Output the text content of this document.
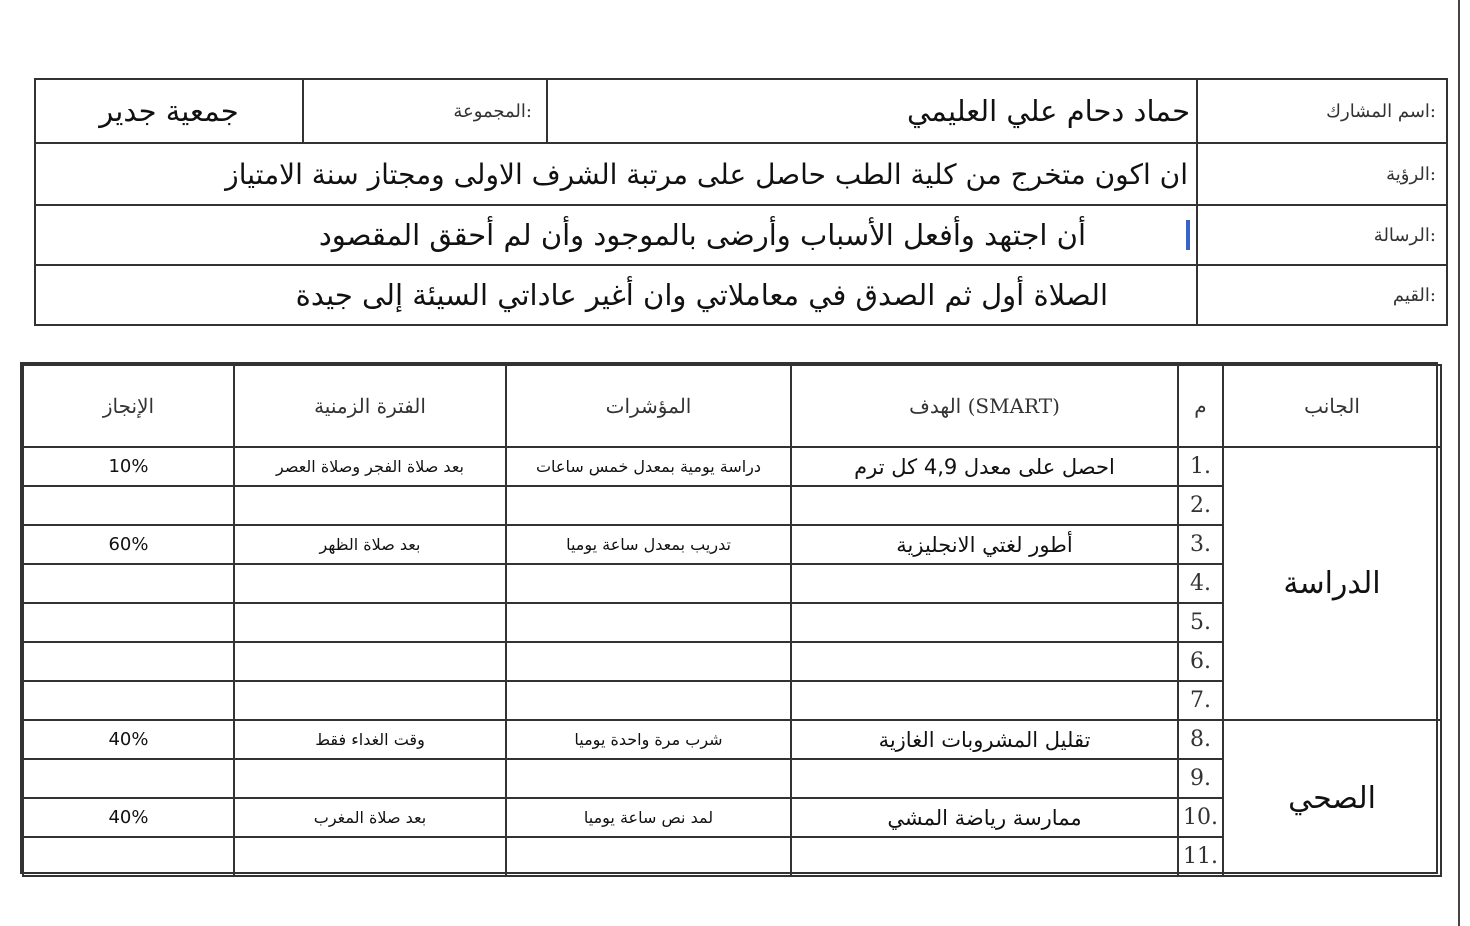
اسم المشارك:
حماد دحام علي العليمي
المجموعة:
جمعية جدير
الرؤية:
ان اكون متخرج من كلية الطب حاصل على مرتبة الشرف الاولى ومجتاز سنة الامتياز
الرسالة:
أن اجتهد وأفعل الأسباب وأرضى بالموجود وأن لم أحقق المقصود
القيم:
الصلاة أول ثم الصدق في معاملاتي وان أغير عاداتي السيئة إلى جيدة
الإنجاز	الفترة الزمنية	المؤشرات	الهدف (SMART)	م	الجانب
10%	بعد صلاة الفجر وصلاة العصر	دراسة يومية بمعدل خمس ساعات	احصل على معدل 4,9 كل ترم	1.	الدراسة
				2.	
60%	بعد صلاة الظهر	تدريب بمعدل ساعة يوميا	أطور لغتي الانجليزية	3.	
				4.	
				5.	
				6.	
				7.	
40%	وقت الغداء فقط	شرب مرة واحدة يوميا	تقليل المشروبات الغازية	8.	الصحي
				9.	
40%	بعد صلاة المغرب	لمد نص ساعة يوميا	ممارسة رياضة المشي	10.	
				11.	
